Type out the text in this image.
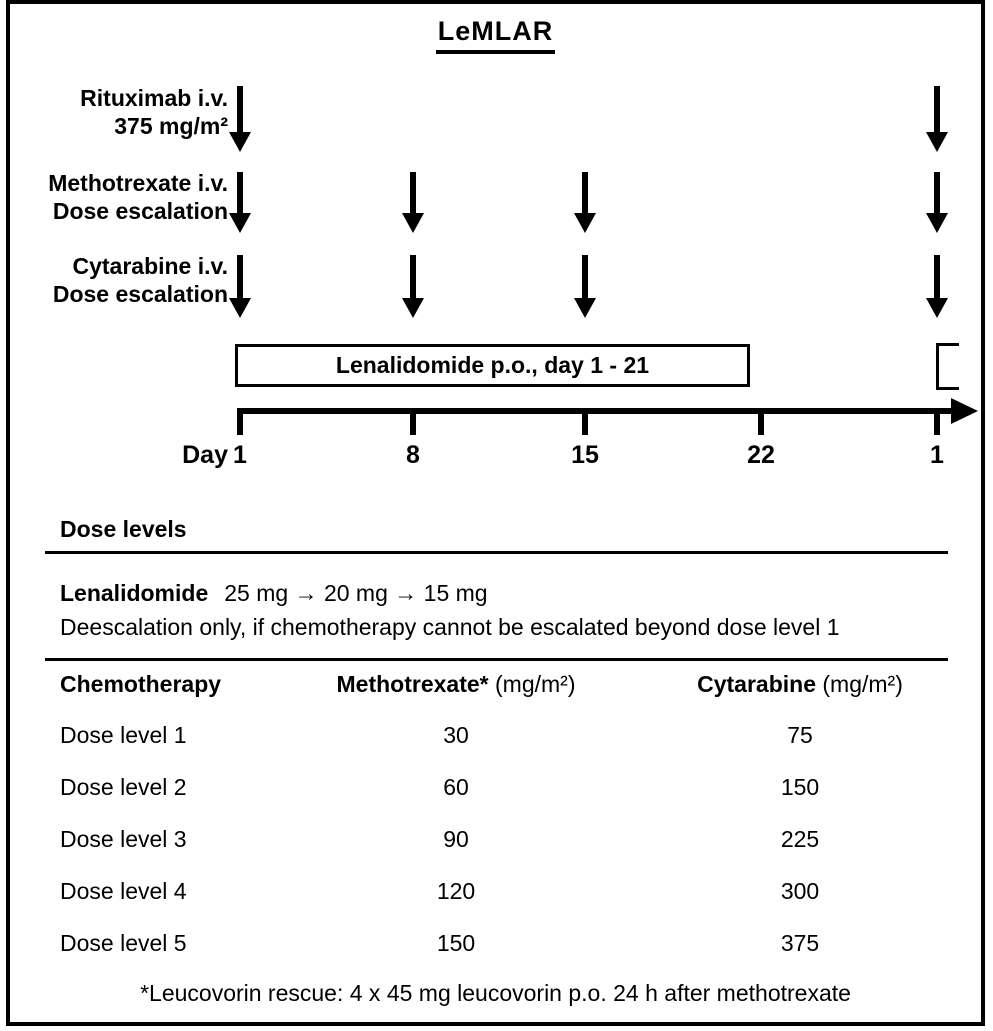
LeMLAR
Rituximab i.v.
375 mg/m²
Methotrexate i.v.
Dose escalation
Cytarabine i.v.
Dose escalation
Lenalidomide p.o., day 1 - 21
Day 1	8	15	22	1
Dose levels
Lenalidomide 25 mg → 20 mg → 15 mg
Deescalation only, if chemotherapy cannot be escalated beyond dose level 1
Chemotherapy	Methotrexate* (mg/m²)	Cytarabine (mg/m²)
Dose level 1	30	75
Dose level 2	60	150
Dose level 3	90	225
Dose level 4	120	300
Dose level 5	150	375
*Leucovorin rescue: 4 x 45 mg leucovorin p.o. 24 h after methotrexate
